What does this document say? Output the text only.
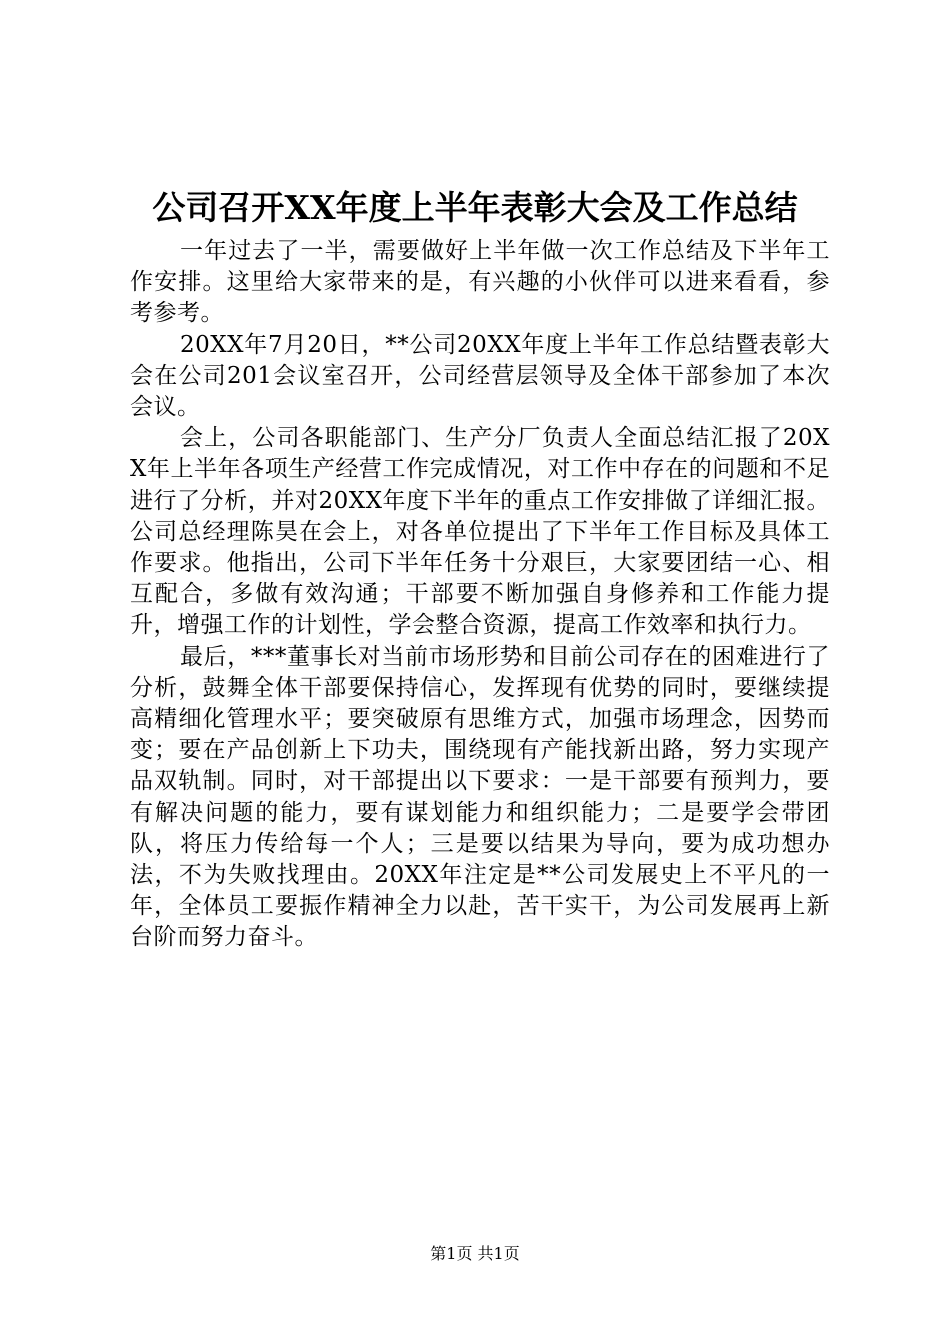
公司召开XX年度上半年表彰大会及工作总结

一年过去了一半，需要做好上半年做一次工作总结及下半年工作安排。这里给大家带来的是，有兴趣的小伙伴可以进来看看，参考参考。

20XX年7月20日，**公司20XX年度上半年工作总结暨表彰大会在公司201会议室召开，公司经营层领导及全体干部参加了本次会议。

会上，公司各职能部门、生产分厂负责人全面总结汇报了20XX年上半年各项生产经营工作完成情况，对工作中存在的问题和不足进行了分析，并对20XX年度下半年的重点工作安排做了详细汇报。公司总经理陈昊在会上，对各单位提出了下半年工作目标及具体工作要求。他指出，公司下半年任务十分艰巨，大家要团结一心、相互配合，多做有效沟通；干部要不断加强自身修养和工作能力提升，增强工作的计划性，学会整合资源，提高工作效率和执行力。

最后，***董事长对当前市场形势和目前公司存在的困难进行了分析，鼓舞全体干部要保持信心，发挥现有优势的同时，要继续提高精细化管理水平；要突破原有思维方式，加强市场理念，因势而变；要在产品创新上下功夫，围绕现有产能找新出路，努力实现产品双轨制。同时，对干部提出以下要求：一是干部要有预判力，要有解决问题的能力，要有谋划能力和组织能力；二是要学会带团队，将压力传给每一个人；三是要以结果为导向，要为成功想办法，不为失败找理由。20XX年注定是**公司发展史上不平凡的一年，全体员工要振作精神全力以赴，苦干实干，为公司发展再上新台阶而努力奋斗。

第1页 共1页
